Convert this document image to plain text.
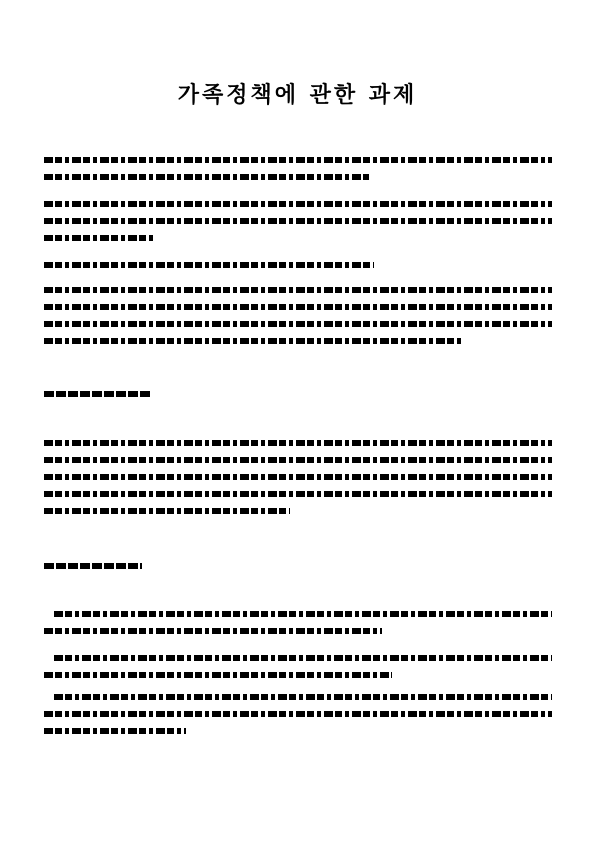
가족정책에 관한 과제
